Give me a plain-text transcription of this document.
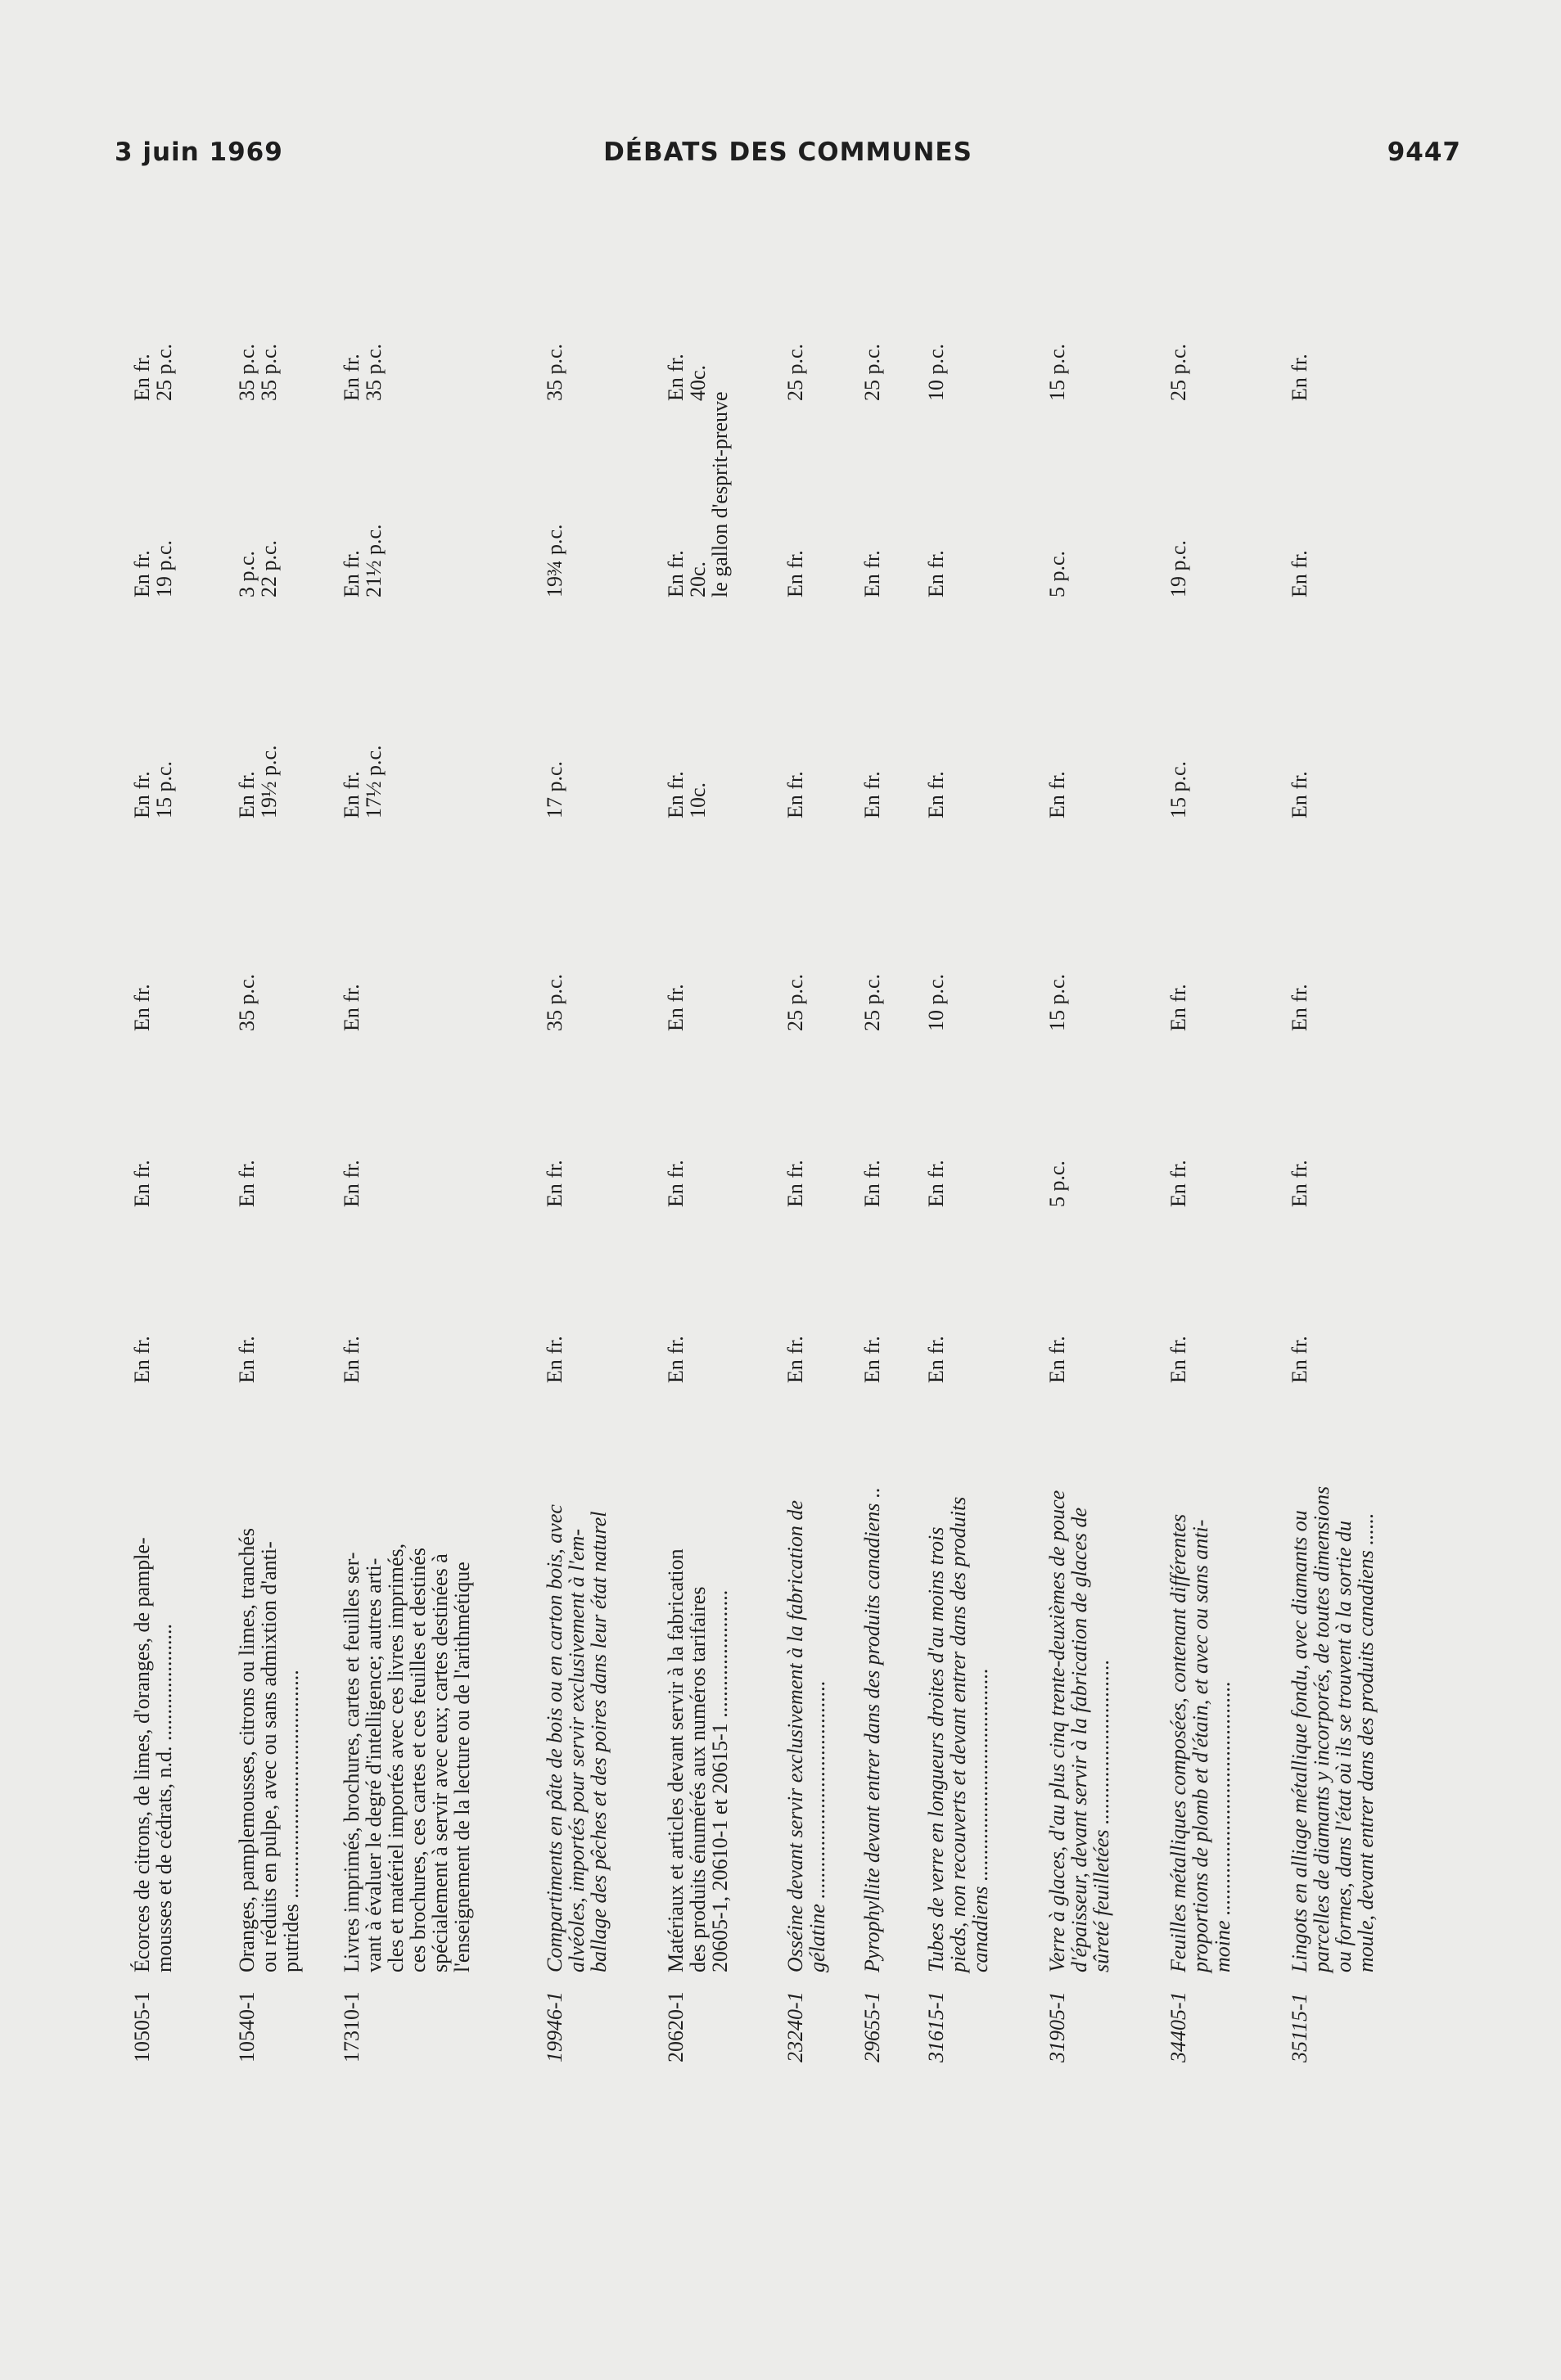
3 juin 1969	DÉBATS DES COMMUNES	9447
10505-1
Écorces de citrons, de limes, d'oranges, de pample-
mousses et de cédrats, n.d. ......................
En fr.
En fr.
En fr.
En fr.
15 p.c.
En fr.
19 p.c.
En fr.
25 p.c.
10540-1
Oranges, pamplemousses, citrons ou limes, tranchés
ou réduits en pulpe, avec ou sans admixtion d'anti-
putrides ...........................................
En fr.
En fr.
35 p.c.
En fr.
19½ p.c.
3 p.c.
22 p.c.
35 p.c.
35 p.c.
17310-1
Livres imprimés, brochures, cartes et feuilles ser-
vant à évaluer le degré d'intelligence; autres arti-
cles et matériel importés avec ces livres imprimés,
ces brochures, ces cartes et ces feuilles et destinés
spécialement à servir avec eux; cartes destinées à
l'enseignement de la lecture ou de l'arithmétique
En fr.
En fr.
En fr.
En fr.
17½ p.c.
En fr.
21½ p.c.
En fr.
35 p.c.
19946-1
Compartiments en pâte de bois ou en carton bois, avec
alvéoles, importés pour servir exclusivement à l'em-
ballage des pêches et des poires dans leur état naturel
En fr.
En fr.
35 p.c.
17 p.c.
19¾ p.c.
35 p.c.
20620-1
Matériaux et articles devant servir à la fabrication
des produits énumérés aux numéros tarifaires
20605-1, 20610-1 et 20615-1 ........................
En fr.
En fr.
En fr.
En fr.
10c.
En fr.
20c.
le gallon d'esprit-preuve
En fr.
40c.
23240-1
Osséine devant servir exclusivement à la fabrication de
gélatine .........................................
En fr.
En fr.
25 p.c.
En fr.
En fr.
25 p.c.
29655-1
Pyrophyllite devant entrer dans des produits canadiens ..
En fr.
En fr.
25 p.c.
En fr.
En fr.
25 p.c.
31615-1
Tubes de verre en longueurs droites d'au moins trois
pieds, non recouverts et devant entrer dans des produits
canadiens ........................................
En fr.
En fr.
10 p.c.
En fr.
En fr.
10 p.c.
31905-1
Verre à glaces, d'au plus cinq trente-deuxièmes de pouce
d'épaisseur, devant servir à la fabrication de glaces de
sûreté feuilletées ...............................
En fr.
5 p.c.
15 p.c.
En fr.
5 p.c.
15 p.c.
34405-1
Feuilles métalliques composées, contenant différentes
proportions de plomb et d'étain, et avec ou sans anti-
moine ............................................
En fr.
En fr.
En fr.
15 p.c.
19 p.c.
25 p.c.
35115-1
Lingots en alliage métallique fondu, avec diamants ou
parcelles de diamants y incorporés, de toutes dimensions
ou formes, dans l'état où ils se trouvent à la sortie du
moule, devant entrer dans des produits canadiens ......
En fr.
En fr.
En fr.
En fr.
En fr.
En fr.
